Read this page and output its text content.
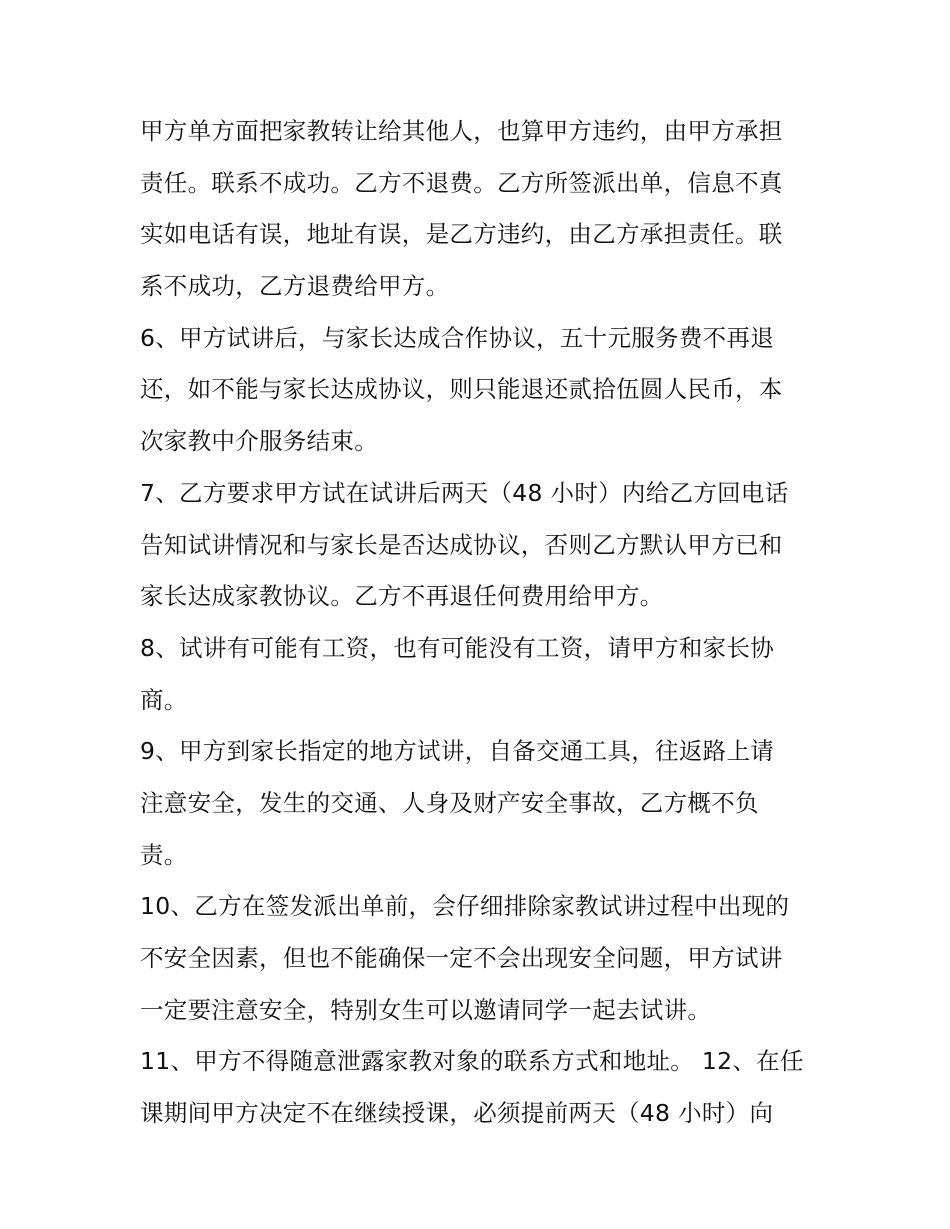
甲方单方面把家教转让给其他人，也算甲方违约，由甲方承担
责任。联系不成功。乙方不退费。乙方所签派出单，信息不真
实如电话有误，地址有误，是乙方违约，由乙方承担责任。联
系不成功，乙方退费给甲方。
6、甲方试讲后，与家长达成合作协议，五十元服务费不再退
还，如不能与家长达成协议，则只能退还贰拾伍圆人民币，本
次家教中介服务结束。
7、乙方要求甲方试在试讲后两天（48 小时）内给乙方回电话
告知试讲情况和与家长是否达成协议，否则乙方默认甲方已和
家长达成家教协议。乙方不再退任何费用给甲方。
8、试讲有可能有工资，也有可能没有工资，请甲方和家长协
商。
9、甲方到家长指定的地方试讲，自备交通工具，往返路上请
注意安全，发生的交通、人身及财产安全事故，乙方概不负
责。
10、乙方在签发派出单前，会仔细排除家教试讲过程中出现的
不安全因素，但也不能确保一定不会出现安全问题，甲方试讲
一定要注意安全，特别女生可以邀请同学一起去试讲。
11、甲方不得随意泄露家教对象的联系方式和地址。 12、在任
课期间甲方决定不在继续授课，必须提前两天（48 小时）向
